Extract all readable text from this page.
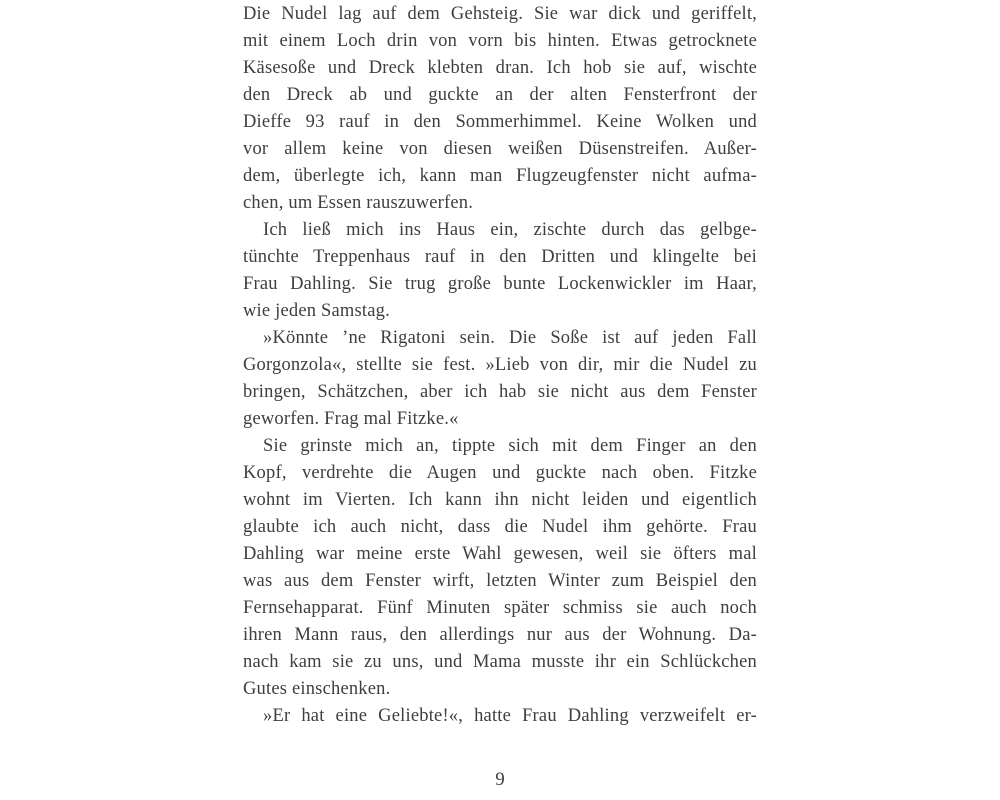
Die Nudel lag auf dem Gehsteig. Sie war dick und geriffelt,
mit einem Loch drin von vorn bis hinten. Etwas getrocknete
Käsesoße und Dreck klebten dran. Ich hob sie auf, wischte
den Dreck ab und guckte an der alten Fensterfront der
Dieffe 93 rauf in den Sommerhimmel. Keine Wolken und
vor allem keine von diesen weißen Düsenstreifen. Außer-
dem, überlegte ich, kann man Flugzeugfenster nicht aufma-
chen, um Essen rauszuwerfen.
Ich ließ mich ins Haus ein, zischte durch das gelbge-
tünchte Treppenhaus rauf in den Dritten und klingelte bei
Frau Dahling. Sie trug große bunte Lockenwickler im Haar,
wie jeden Samstag.
»Könnte ’ne Rigatoni sein. Die Soße ist auf jeden Fall
Gorgonzola«, stellte sie fest. »Lieb von dir, mir die Nudel zu
bringen, Schätzchen, aber ich hab sie nicht aus dem Fenster
geworfen. Frag mal Fitzke.«
Sie grinste mich an, tippte sich mit dem Finger an den
Kopf, verdrehte die Augen und guckte nach oben. Fitzke
wohnt im Vierten. Ich kann ihn nicht leiden und eigentlich
glaubte ich auch nicht, dass die Nudel ihm gehörte. Frau
Dahling war meine erste Wahl gewesen, weil sie öfters mal
was aus dem Fenster wirft, letzten Winter zum Beispiel den
Fernsehapparat. Fünf Minuten später schmiss sie auch noch
ihren Mann raus, den allerdings nur aus der Wohnung. Da-
nach kam sie zu uns, und Mama musste ihr ein Schlückchen
Gutes einschenken.
»Er hat eine Geliebte!«, hatte Frau Dahling verzweifelt er-
9
